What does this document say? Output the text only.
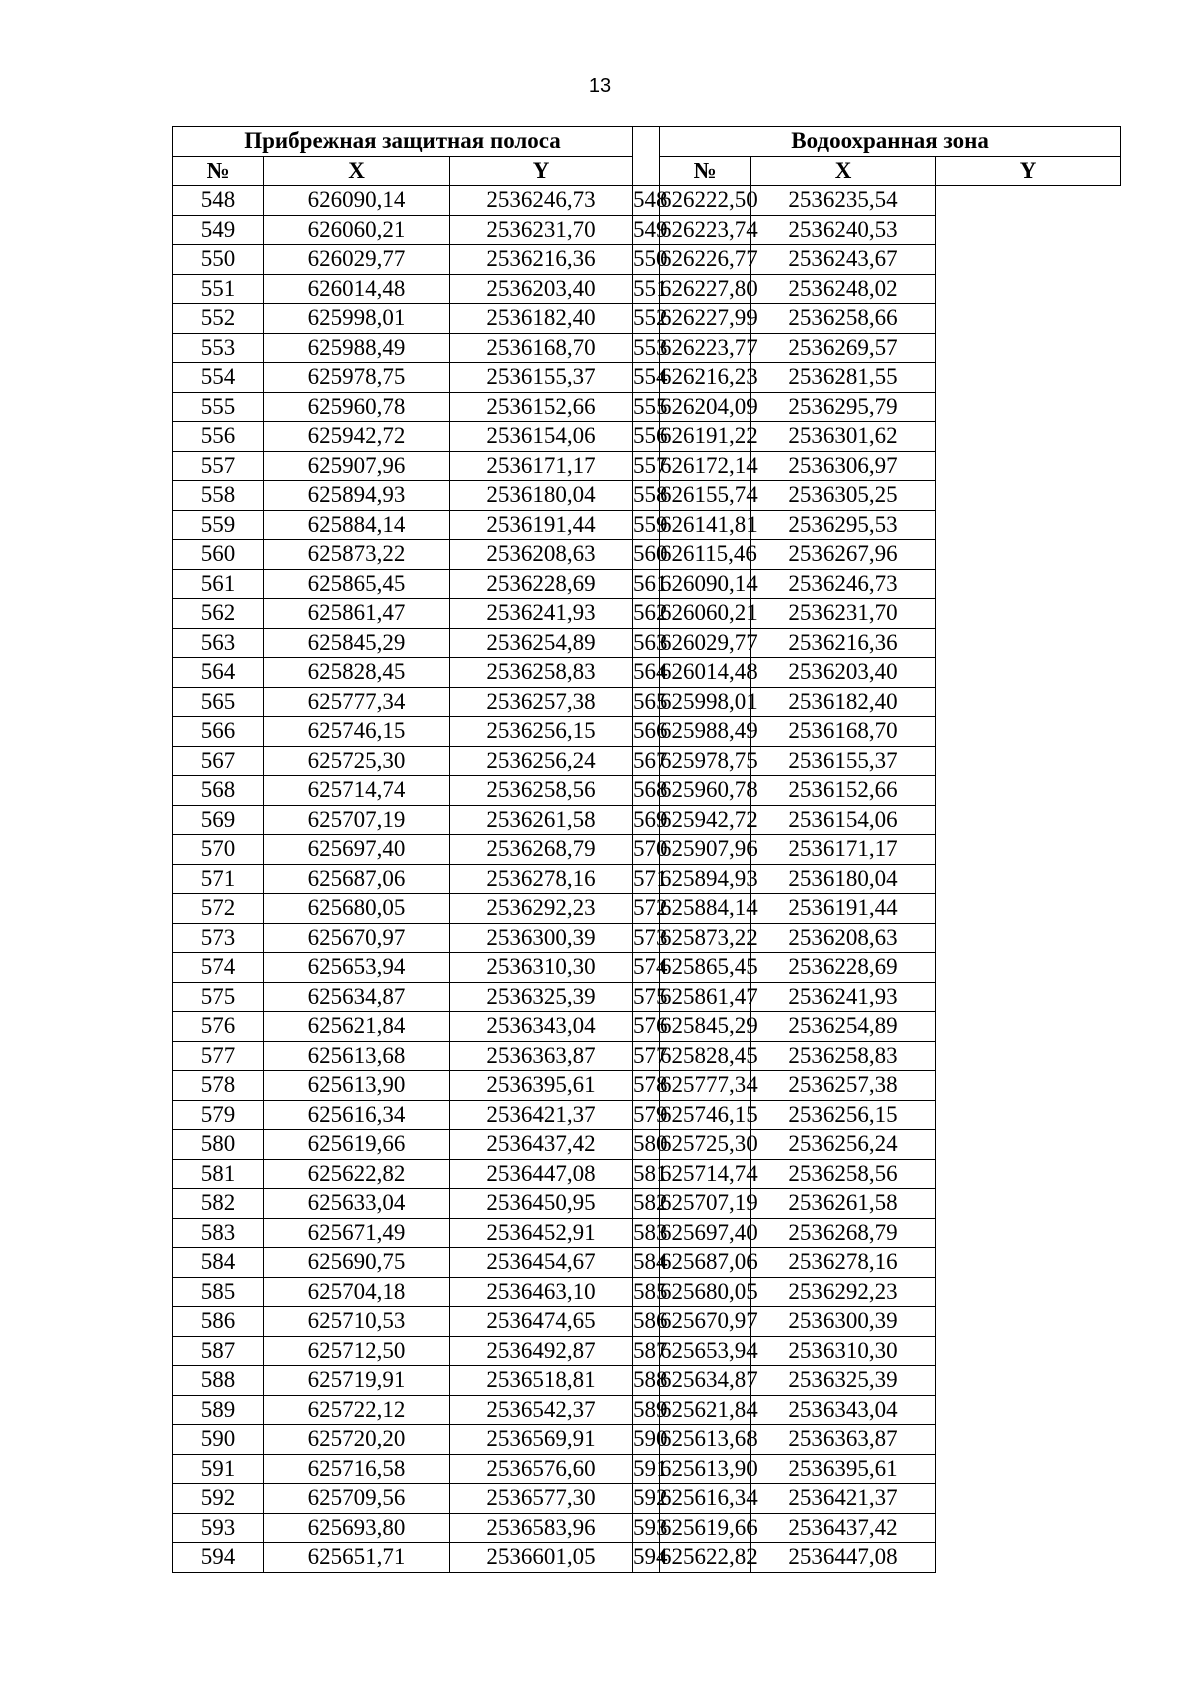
13
Прибрежная защитная полоса				Водоохранная зона		
№	X	Y		№	X	Y
548	626090,14	2536246,73	548	626222,50	2536235,54	
549	626060,21	2536231,70	549	626223,74	2536240,53	
550	626029,77	2536216,36	550	626226,77	2536243,67	
551	626014,48	2536203,40	551	626227,80	2536248,02	
552	625998,01	2536182,40	552	626227,99	2536258,66	
553	625988,49	2536168,70	553	626223,77	2536269,57	
554	625978,75	2536155,37	554	626216,23	2536281,55	
555	625960,78	2536152,66	555	626204,09	2536295,79	
556	625942,72	2536154,06	556	626191,22	2536301,62	
557	625907,96	2536171,17	557	626172,14	2536306,97	
558	625894,93	2536180,04	558	626155,74	2536305,25	
559	625884,14	2536191,44	559	626141,81	2536295,53	
560	625873,22	2536208,63	560	626115,46	2536267,96	
561	625865,45	2536228,69	561	626090,14	2536246,73	
562	625861,47	2536241,93	562	626060,21	2536231,70	
563	625845,29	2536254,89	563	626029,77	2536216,36	
564	625828,45	2536258,83	564	626014,48	2536203,40	
565	625777,34	2536257,38	565	625998,01	2536182,40	
566	625746,15	2536256,15	566	625988,49	2536168,70	
567	625725,30	2536256,24	567	625978,75	2536155,37	
568	625714,74	2536258,56	568	625960,78	2536152,66	
569	625707,19	2536261,58	569	625942,72	2536154,06	
570	625697,40	2536268,79	570	625907,96	2536171,17	
571	625687,06	2536278,16	571	625894,93	2536180,04	
572	625680,05	2536292,23	572	625884,14	2536191,44	
573	625670,97	2536300,39	573	625873,22	2536208,63	
574	625653,94	2536310,30	574	625865,45	2536228,69	
575	625634,87	2536325,39	575	625861,47	2536241,93	
576	625621,84	2536343,04	576	625845,29	2536254,89	
577	625613,68	2536363,87	577	625828,45	2536258,83	
578	625613,90	2536395,61	578	625777,34	2536257,38	
579	625616,34	2536421,37	579	625746,15	2536256,15	
580	625619,66	2536437,42	580	625725,30	2536256,24	
581	625622,82	2536447,08	581	625714,74	2536258,56	
582	625633,04	2536450,95	582	625707,19	2536261,58	
583	625671,49	2536452,91	583	625697,40	2536268,79	
584	625690,75	2536454,67	584	625687,06	2536278,16	
585	625704,18	2536463,10	585	625680,05	2536292,23	
586	625710,53	2536474,65	586	625670,97	2536300,39	
587	625712,50	2536492,87	587	625653,94	2536310,30	
588	625719,91	2536518,81	588	625634,87	2536325,39	
589	625722,12	2536542,37	589	625621,84	2536343,04	
590	625720,20	2536569,91	590	625613,68	2536363,87	
591	625716,58	2536576,60	591	625613,90	2536395,61	
592	625709,56	2536577,30	592	625616,34	2536421,37	
593	625693,80	2536583,96	593	625619,66	2536437,42	
594	625651,71	2536601,05	594	625622,82	2536447,08	
